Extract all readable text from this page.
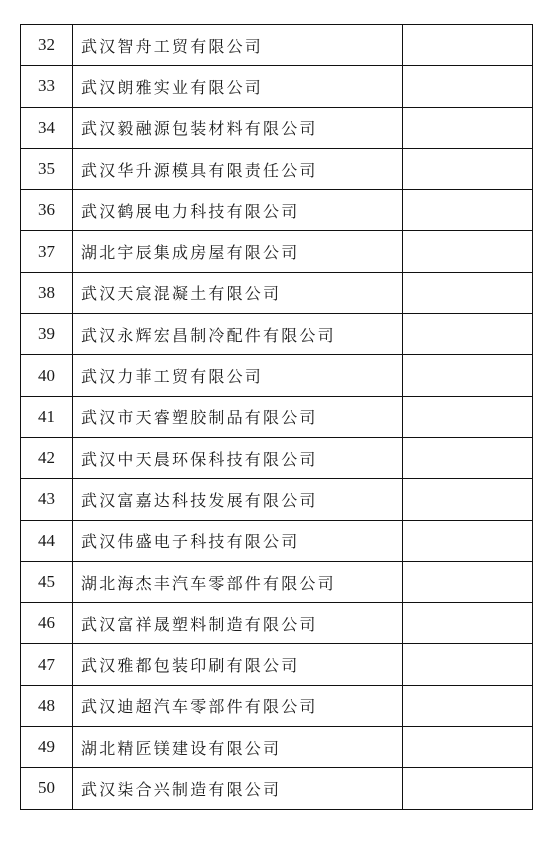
32	武汉智舟工贸有限公司	
33	武汉朗雅实业有限公司	
34	武汉毅融源包装材料有限公司	
35	武汉华升源模具有限责任公司	
36	武汉鹤展电力科技有限公司	
37	湖北宇辰集成房屋有限公司	
38	武汉天宸混凝土有限公司	
39	武汉永辉宏昌制冷配件有限公司	
40	武汉力菲工贸有限公司	
41	武汉市天睿塑胶制品有限公司	
42	武汉中天晨环保科技有限公司	
43	武汉富嘉达科技发展有限公司	
44	武汉伟盛电子科技有限公司	
45	湖北海杰丰汽车零部件有限公司	
46	武汉富祥晟塑料制造有限公司	
47	武汉雅都包装印刷有限公司	
48	武汉迪超汽车零部件有限公司	
49	湖北精匠镁建设有限公司	
50	武汉柒合兴制造有限公司	
